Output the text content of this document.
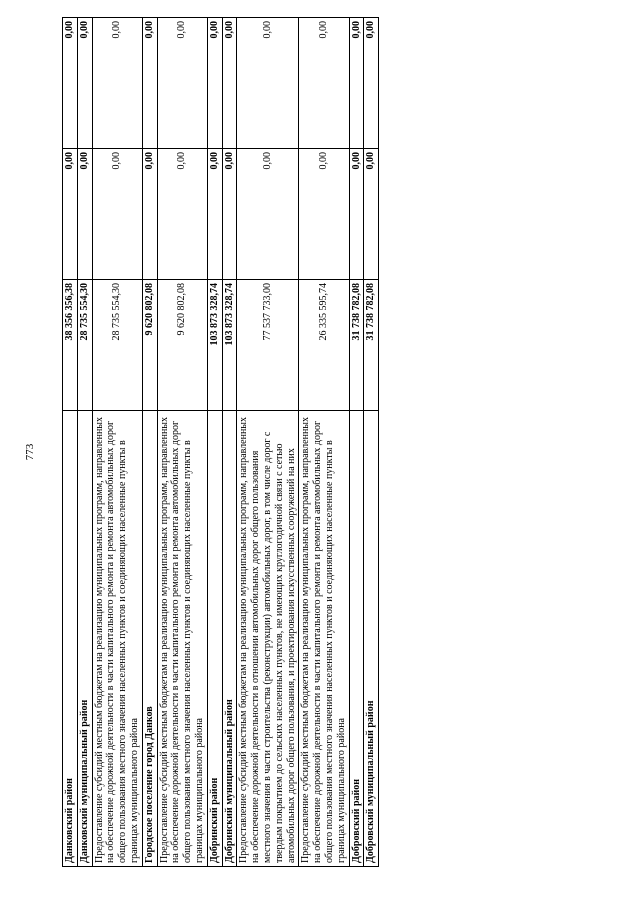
773
Данковский район	38 356 356,38	0,00	0,00
Данковский муниципальный район	28 735 554,30	0,00	0,00
Предоставление субсидий местным бюджетам на реализацию муниципальных программ, направленных на обеспечение дорожной деятельности в части капитального ремонта и ремонта автомобильных дорог общего пользования местного значения населенных пунктов и соединяющих населенные пункты в границах муниципального района	28 735 554,30	0,00	0,00
Городское поселение город Данков	9 620 802,08	0,00	0,00
Предоставление субсидий местным бюджетам на реализацию муниципальных программ, направленных на обеспечение дорожной деятельности в части капитального ремонта и ремонта автомобильных дорог общего пользования местного значения населенных пунктов и соединяющих населенные пункты в границах муниципального района	9 620 802,08	0,00	0,00
Добринский район	103 873 328,74	0,00	0,00
Добринский муниципальный район	103 873 328,74	0,00	0,00
Предоставление субсидий местным бюджетам на реализацию муниципальных программ, направленных на обеспечение дорожной деятельности в отношении автомобильных дорог общего пользования местного значения в части строительства (реконструкции) автомобильных дорог, в том числе дорог с твердым покрытием до сельских населенных пунктов, не имеющих круглогодичной связи с сетью автомобильных дорог общего пользования, и проектирования искусственных сооружений на них	77 537 733,00	0,00	0,00
Предоставление субсидий местным бюджетам на реализацию муниципальных программ, направленных на обеспечение дорожной деятельности в части капитального ремонта и ремонта автомобильных дорог общего пользования местного значения населенных пунктов и соединяющих населенные пункты в границах муниципального района	26 335 595,74	0,00	0,00
Добровский район	31 738 782,08	0,00	0,00
Добровский муниципальный район	31 738 782,08	0,00	0,00
